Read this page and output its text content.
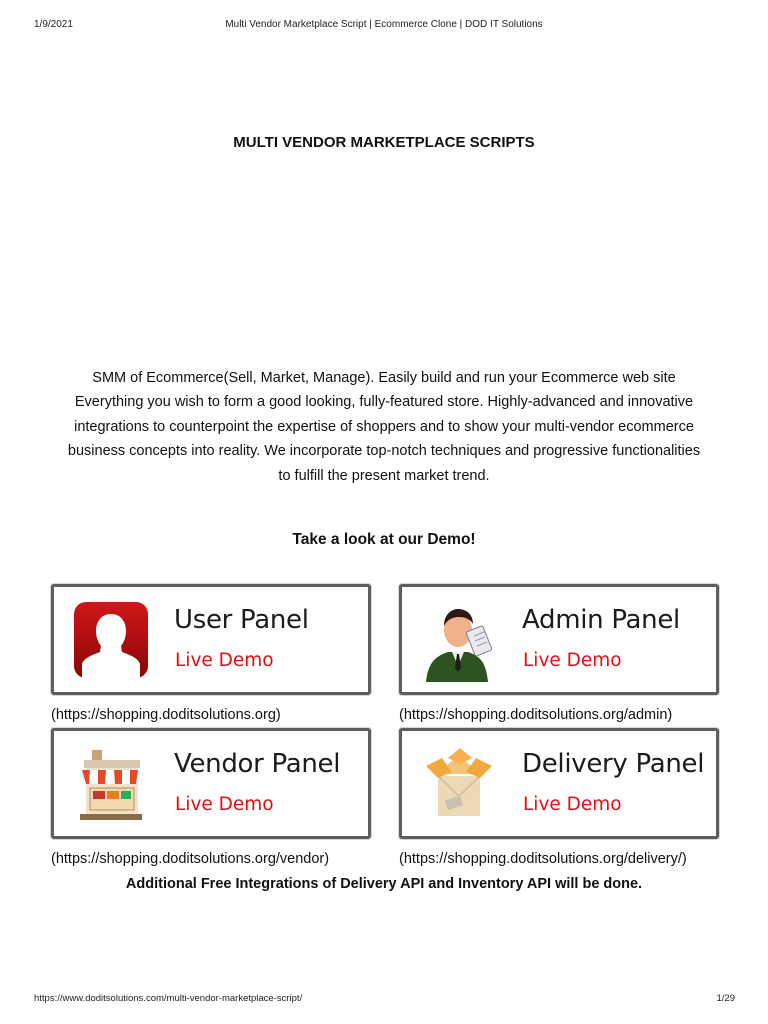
1/9/2021	Multi Vendor Marketplace Script | Ecommerce Clone | DOD IT Solutions
MULTI VENDOR MARKETPLACE SCRIPTS
SMM of Ecommerce(Sell, Market, Manage). Easily build and run your Ecommerce web site
Everything you wish to form a good looking, fully-featured store. Highly-advanced and innovative
integrations to counterpoint the expertise of shoppers and to show your multi-vendor ecommerce
business concepts into reality. We incorporate top-notch techniques and progressive functionalities
to fulfill the present market trend.
Take a look at our Demo!
User Panel
Live Demo
Admin Panel
Live Demo
(https://shopping.doditsolutions.org)	(https://shopping.doditsolutions.org/admin)
Vendor Panel
Live Demo
Delivery Panel
Live Demo
(https://shopping.doditsolutions.org/vendor)	(https://shopping.doditsolutions.org/delivery/)
Additional Free Integrations of Delivery API and Inventory API will be done.
https://www.doditsolutions.com/multi-vendor-marketplace-script/	1/29
